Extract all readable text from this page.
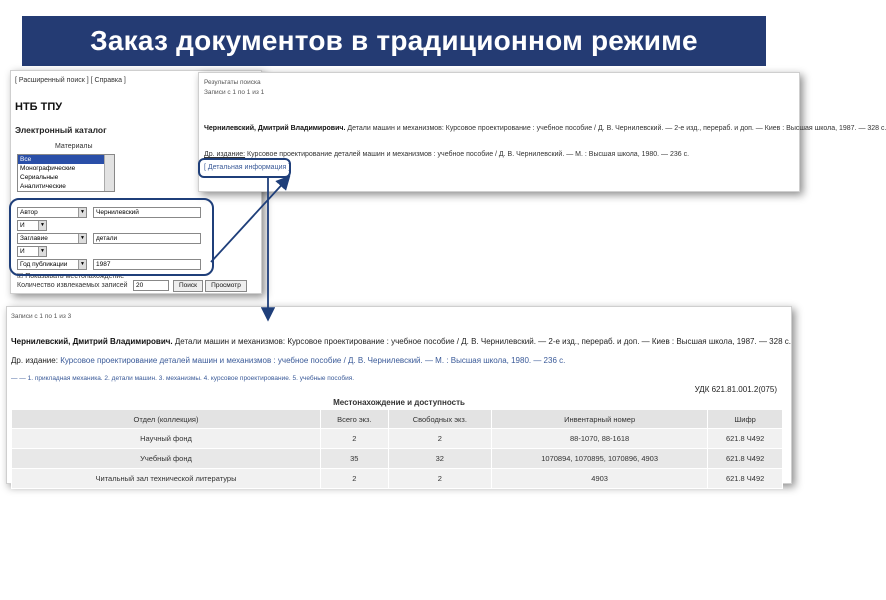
Заказ документов в традиционном режиме
[ Расширенный поиск ] [ Справка ]
НТБ ТПУ
Электронный каталог
Материалы
Все
Монографические
Сериальные
Аналитические
Автор	▼	Чернилевский
И	▼
Заглавие	▼	детали
И	▼
Год публикации	▼	1987
☑ Показывать местонахождение
Количество извлекаемых записей	20	Поиск	Просмотр
Результаты поиска
Записи с 1 по 1 из 1
Чернилевский, Дмитрий Владимирович. Детали машин и механизмов: Курсовое проектирование : учебное пособие / Д. В. Чернилевский. — 2-е изд., перераб. и доп. — Киев : Высшая школа, 1987. — 328 с.
Др. издание: Курсовое проектирование деталей машин и механизмов : учебное пособие / Д. В. Чернилевский. — М. : Высшая школа, 1980. — 236 с.
[ Детальная информация ]
Записи с 1 по 1 из 3
Чернилевский, Дмитрий Владимирович. Детали машин и механизмов: Курсовое проектирование : учебное пособие / Д. В. Чернилевский. — 2-е изд., перераб. и доп. — Киев : Высшая школа, 1987. — 328 с.
Др. издание: Курсовое проектирование деталей машин и механизмов : учебное пособие / Д. В. Чернилевский. — М. : Высшая школа, 1980. — 236 с.
— — 1. прикладная механика. 2. детали машин. 3. механизмы. 4. курсовое проектирование. 5. учебные пособия.
УДК 621.81.001.2(075)
Местонахождение и доступность
Отдел (коллекция)	Всего экз.	Свободных экз.	Инвентарный номер	Шифр
Научный фонд	2	2	88-1070, 88-1618	621.8 Ч492
Учебный фонд	35	32	1070894, 1070895, 1070896, 4903	621.8 Ч492
Читальный зал технической литературы	2	2	4903	621.8 Ч492
